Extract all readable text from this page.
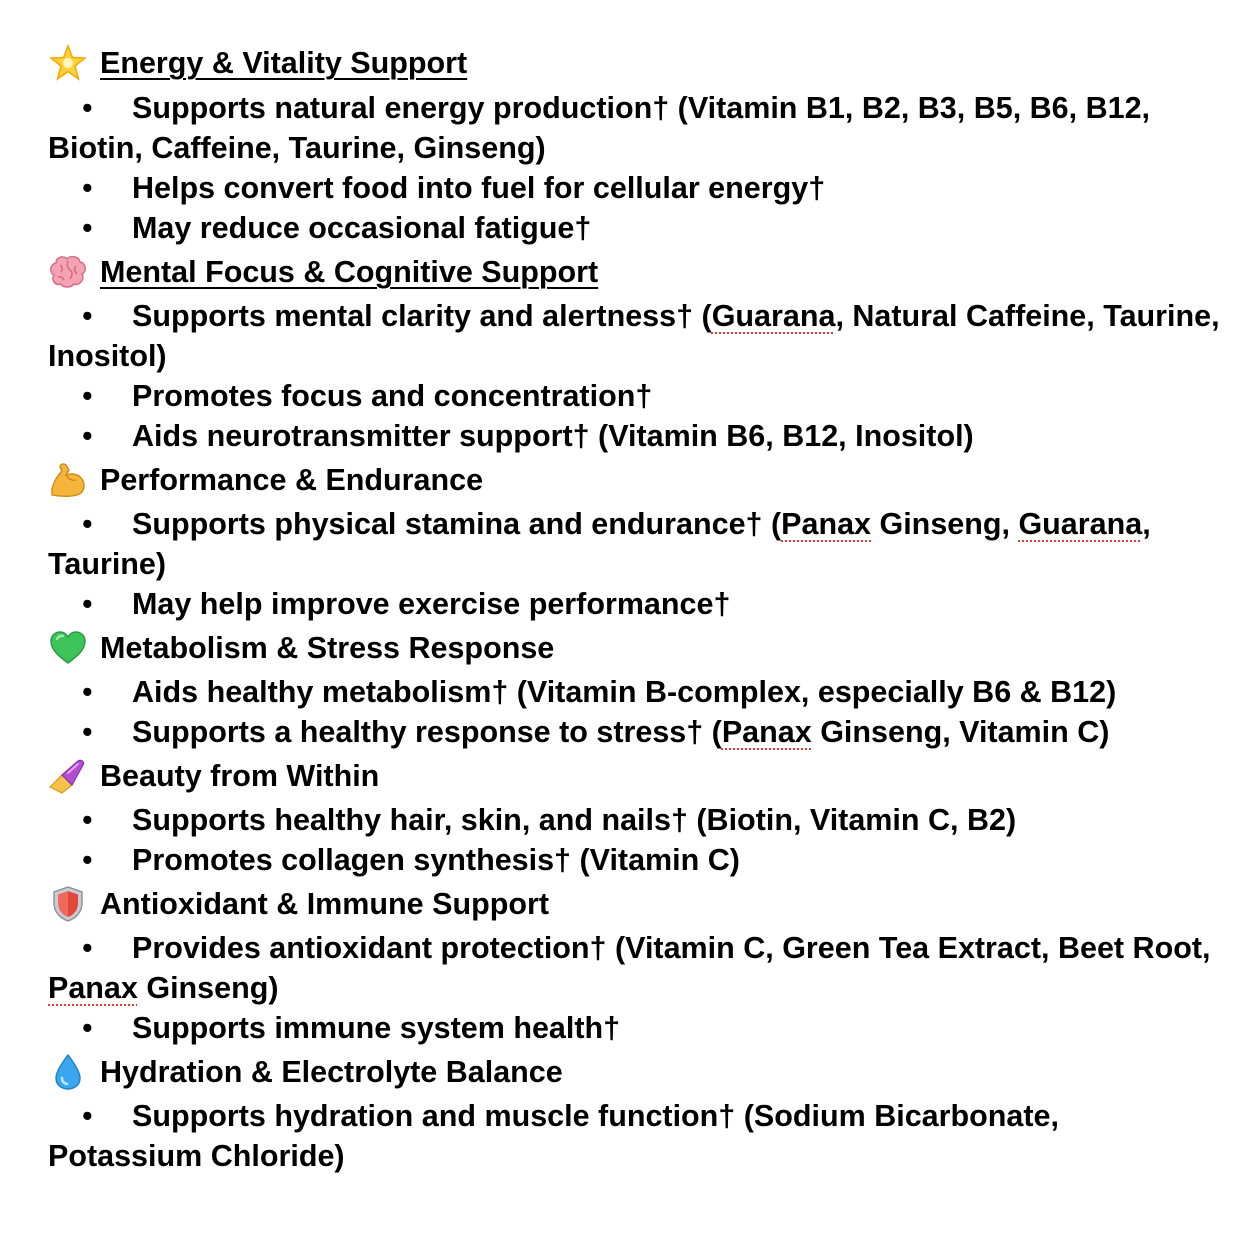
Energy & Vitality Support
• Supports natural energy production† (Vitamin B1, B2, B3, B5, B6, B12, Biotin, Caffeine, Taurine, Ginseng)
• Helps convert food into fuel for cellular energy†
• May reduce occasional fatigue†
Mental Focus & Cognitive Support
• Supports mental clarity and alertness† (Guarana, Natural Caffeine, Taurine, Inositol)
• Promotes focus and concentration†
• Aids neurotransmitter support† (Vitamin B6, B12, Inositol)
Performance & Endurance
• Supports physical stamina and endurance† (Panax Ginseng, Guarana, Taurine)
• May help improve exercise performance†
Metabolism & Stress Response
• Aids healthy metabolism† (Vitamin B-complex, especially B6 & B12)
• Supports a healthy response to stress† (Panax Ginseng, Vitamin C)
Beauty from Within
• Supports healthy hair, skin, and nails† (Biotin, Vitamin C, B2)
• Promotes collagen synthesis† (Vitamin C)
Antioxidant & Immune Support
• Provides antioxidant protection† (Vitamin C, Green Tea Extract, Beet Root, Panax Ginseng)
• Supports immune system health†
Hydration & Electrolyte Balance
• Supports hydration and muscle function† (Sodium Bicarbonate, Potassium Chloride)
